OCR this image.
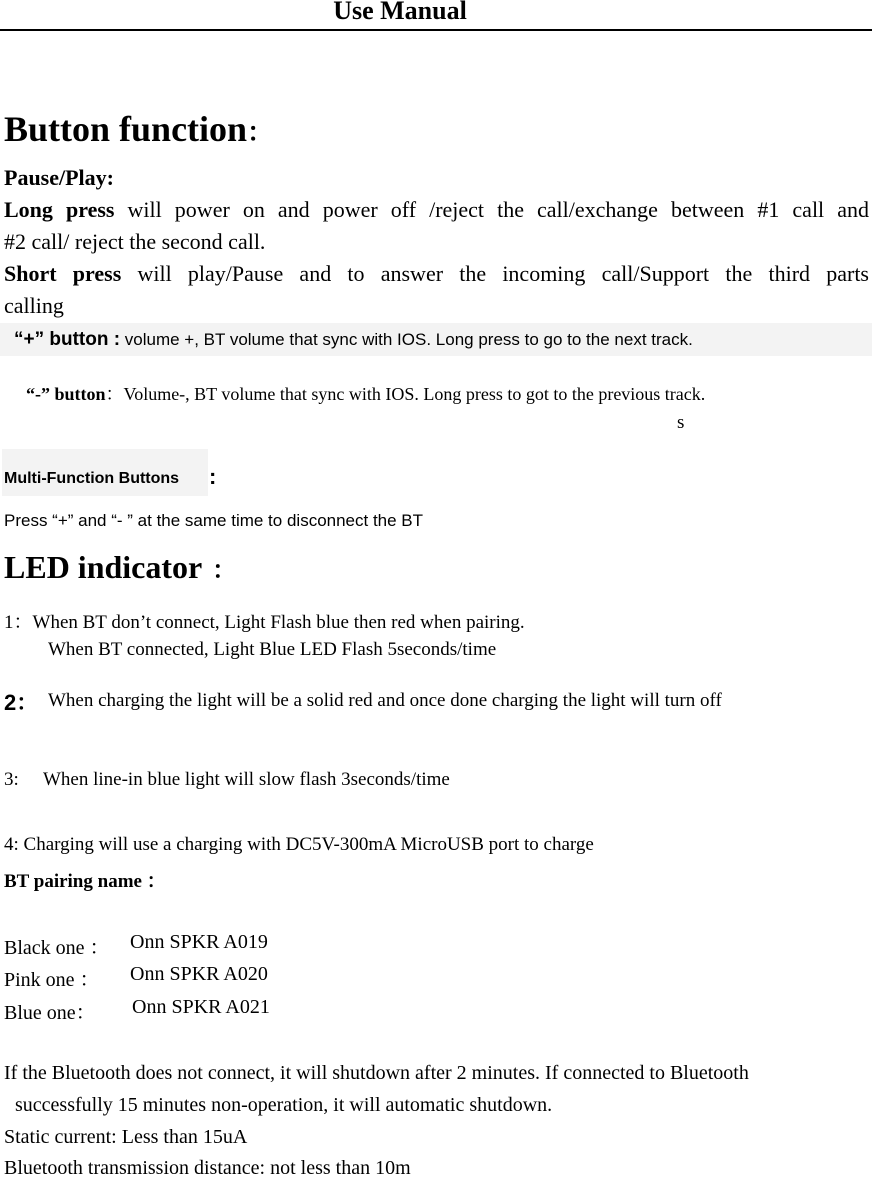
Use Manual
Button function：
Pause/Play:
Long press will power on and power off /reject the call/exchange between #1 call and
#2 call/ reject the second call.
Short press will play/Pause and to answer the incoming call/Support the third parts
calling
“+” button : volume +, BT volume that sync with IOS. Long press to go to the next track.
“-” button：Volume-, BT volume that sync with IOS. Long press to got to the previous track.
s
Multi-Function Buttons :
Press “+” and “- ” at the same time to disconnect the BT
LED indicator ：
1：When BT don’t connect, Light Flash blue then red when pairing.
When BT connected, Light Blue LED Flash 5seconds/time
2： When charging the light will be a solid red and once done charging the light will turn off
3: When line-in blue light will slow flash 3seconds/time
4: Charging will use a charging with DC5V-300mA MicroUSB port to charge
BT pairing name ：
Black one ： Onn SPKR A019
Pink one ： Onn SPKR A020
Blue one： Onn SPKR A021
If the Bluetooth does not connect, it will shutdown after 2 minutes. If connected to Bluetooth
successfully 15 minutes non-operation, it will automatic shutdown.
Static current: Less than 15uA
Bluetooth transmission distance: not less than 10m
